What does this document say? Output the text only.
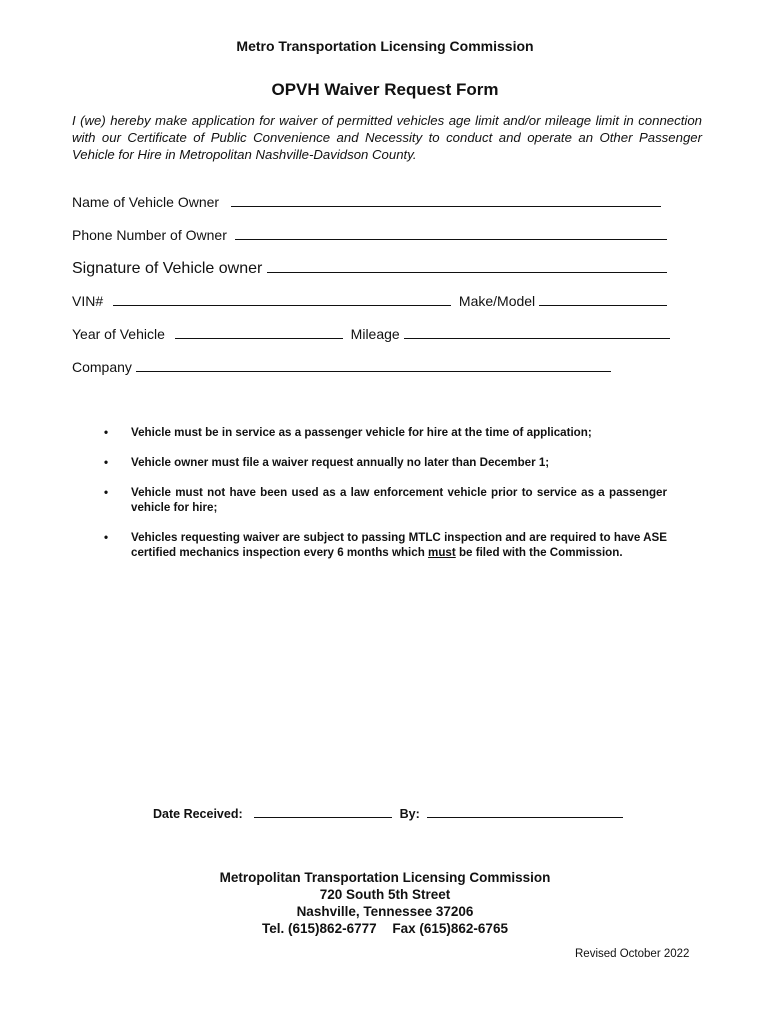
Metro Transportation Licensing Commission
OPVH Waiver Request Form
I (we) hereby make application for waiver of permitted vehicles age limit and/or mileage limit in connection with our Certificate of Public Convenience and Necessity to conduct and operate an Other Passenger Vehicle for Hire in Metropolitan Nashville-Davidson County.
Name of Vehicle Owner
Phone Number of Owner
Signature of Vehicle owner
VIN#	Make/Model
Year of Vehicle	Mileage
Company
• Vehicle must be in service as a passenger vehicle for hire at the time of application;
• Vehicle owner must file a waiver request annually no later than December 1;
• Vehicle must not have been used as a law enforcement vehicle prior to service as a passenger vehicle for hire;
• Vehicles requesting waiver are subject to passing MTLC inspection and are required to have ASE certified mechanics inspection every 6 months which must be filed with the Commission.
Date Received:	By:
Metropolitan Transportation Licensing Commission
720 South 5th Street
Nashville, Tennessee 37206
Tel. (615)862-6777 Fax (615)862-6765
Revised October 2022
